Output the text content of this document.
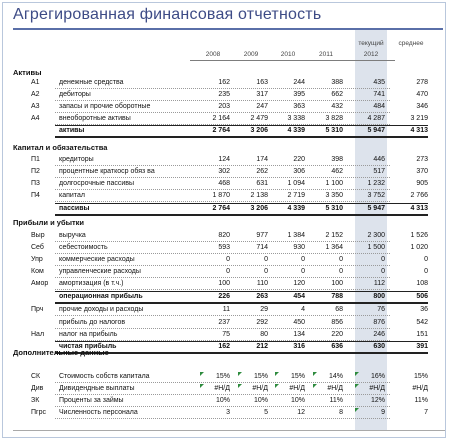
Агрегированная финансовая отчетность
текущий	среднее
2008	2009	2010	2011	2012
Активы
A1	денежные средства	162	163	244	388	435	278
A2	дебиторы	235	317	395	662	741	470
A3	запасы и прочие оборотные	203	247	363	432	484	346
A4	внеоборотные активы	2 164	2 479	3 338	3 828	4 287	3 219
активы	2 764	3 206	4 339	5 310	5 947	4 313
Капитал и обязательства
П1	кредиторы	124	174	220	398	446	273
П2	процентные краткоср обяз ва	302	262	306	462	517	370
П3	долгосрочные пассивы	468	631	1 094	1 100	1 232	905
П4	капитал	1 870	2 138	2 719	3 350	3 752	2 766
пассивы	2 764	3 206	4 339	5 310	5 947	4 313
Прибыли и убытки
Выр выручка	820	977	1 384	2 152	2 300	1 526
Себ себестоимость	593	714	930	1 364	1 500	1 020
Упр коммерческие расходы	0	0	0	0	0	0
Ком управленческие расходы	0	0	0	0	0	0
Амор амортизация (в т.ч.)	100	110	120	100	112	108
операционная прибыль	226	263	454	788	800	506
Прч прочие доходы и расходы	11	29	4	68	76	36
прибыль до налогов	237	292	450	856	876	542
Нал налог на прибыль	75	80	134	220	246	151
чистая прибыль	162	212	316	636	630	391
Дополнительные данные
СК	Стоимость собств капитала	15%	15%	15%	14%	16%	15%
Див Дивидендные выплаты	#Н/Д	#Н/Д	#Н/Д	#Н/Д	#Н/Д	#Н/Д
ЗК	Проценты за займы	10%	10%	10%	11%	12%	11%
Пгрс Численность персонала	3	5	12	8	9	7
